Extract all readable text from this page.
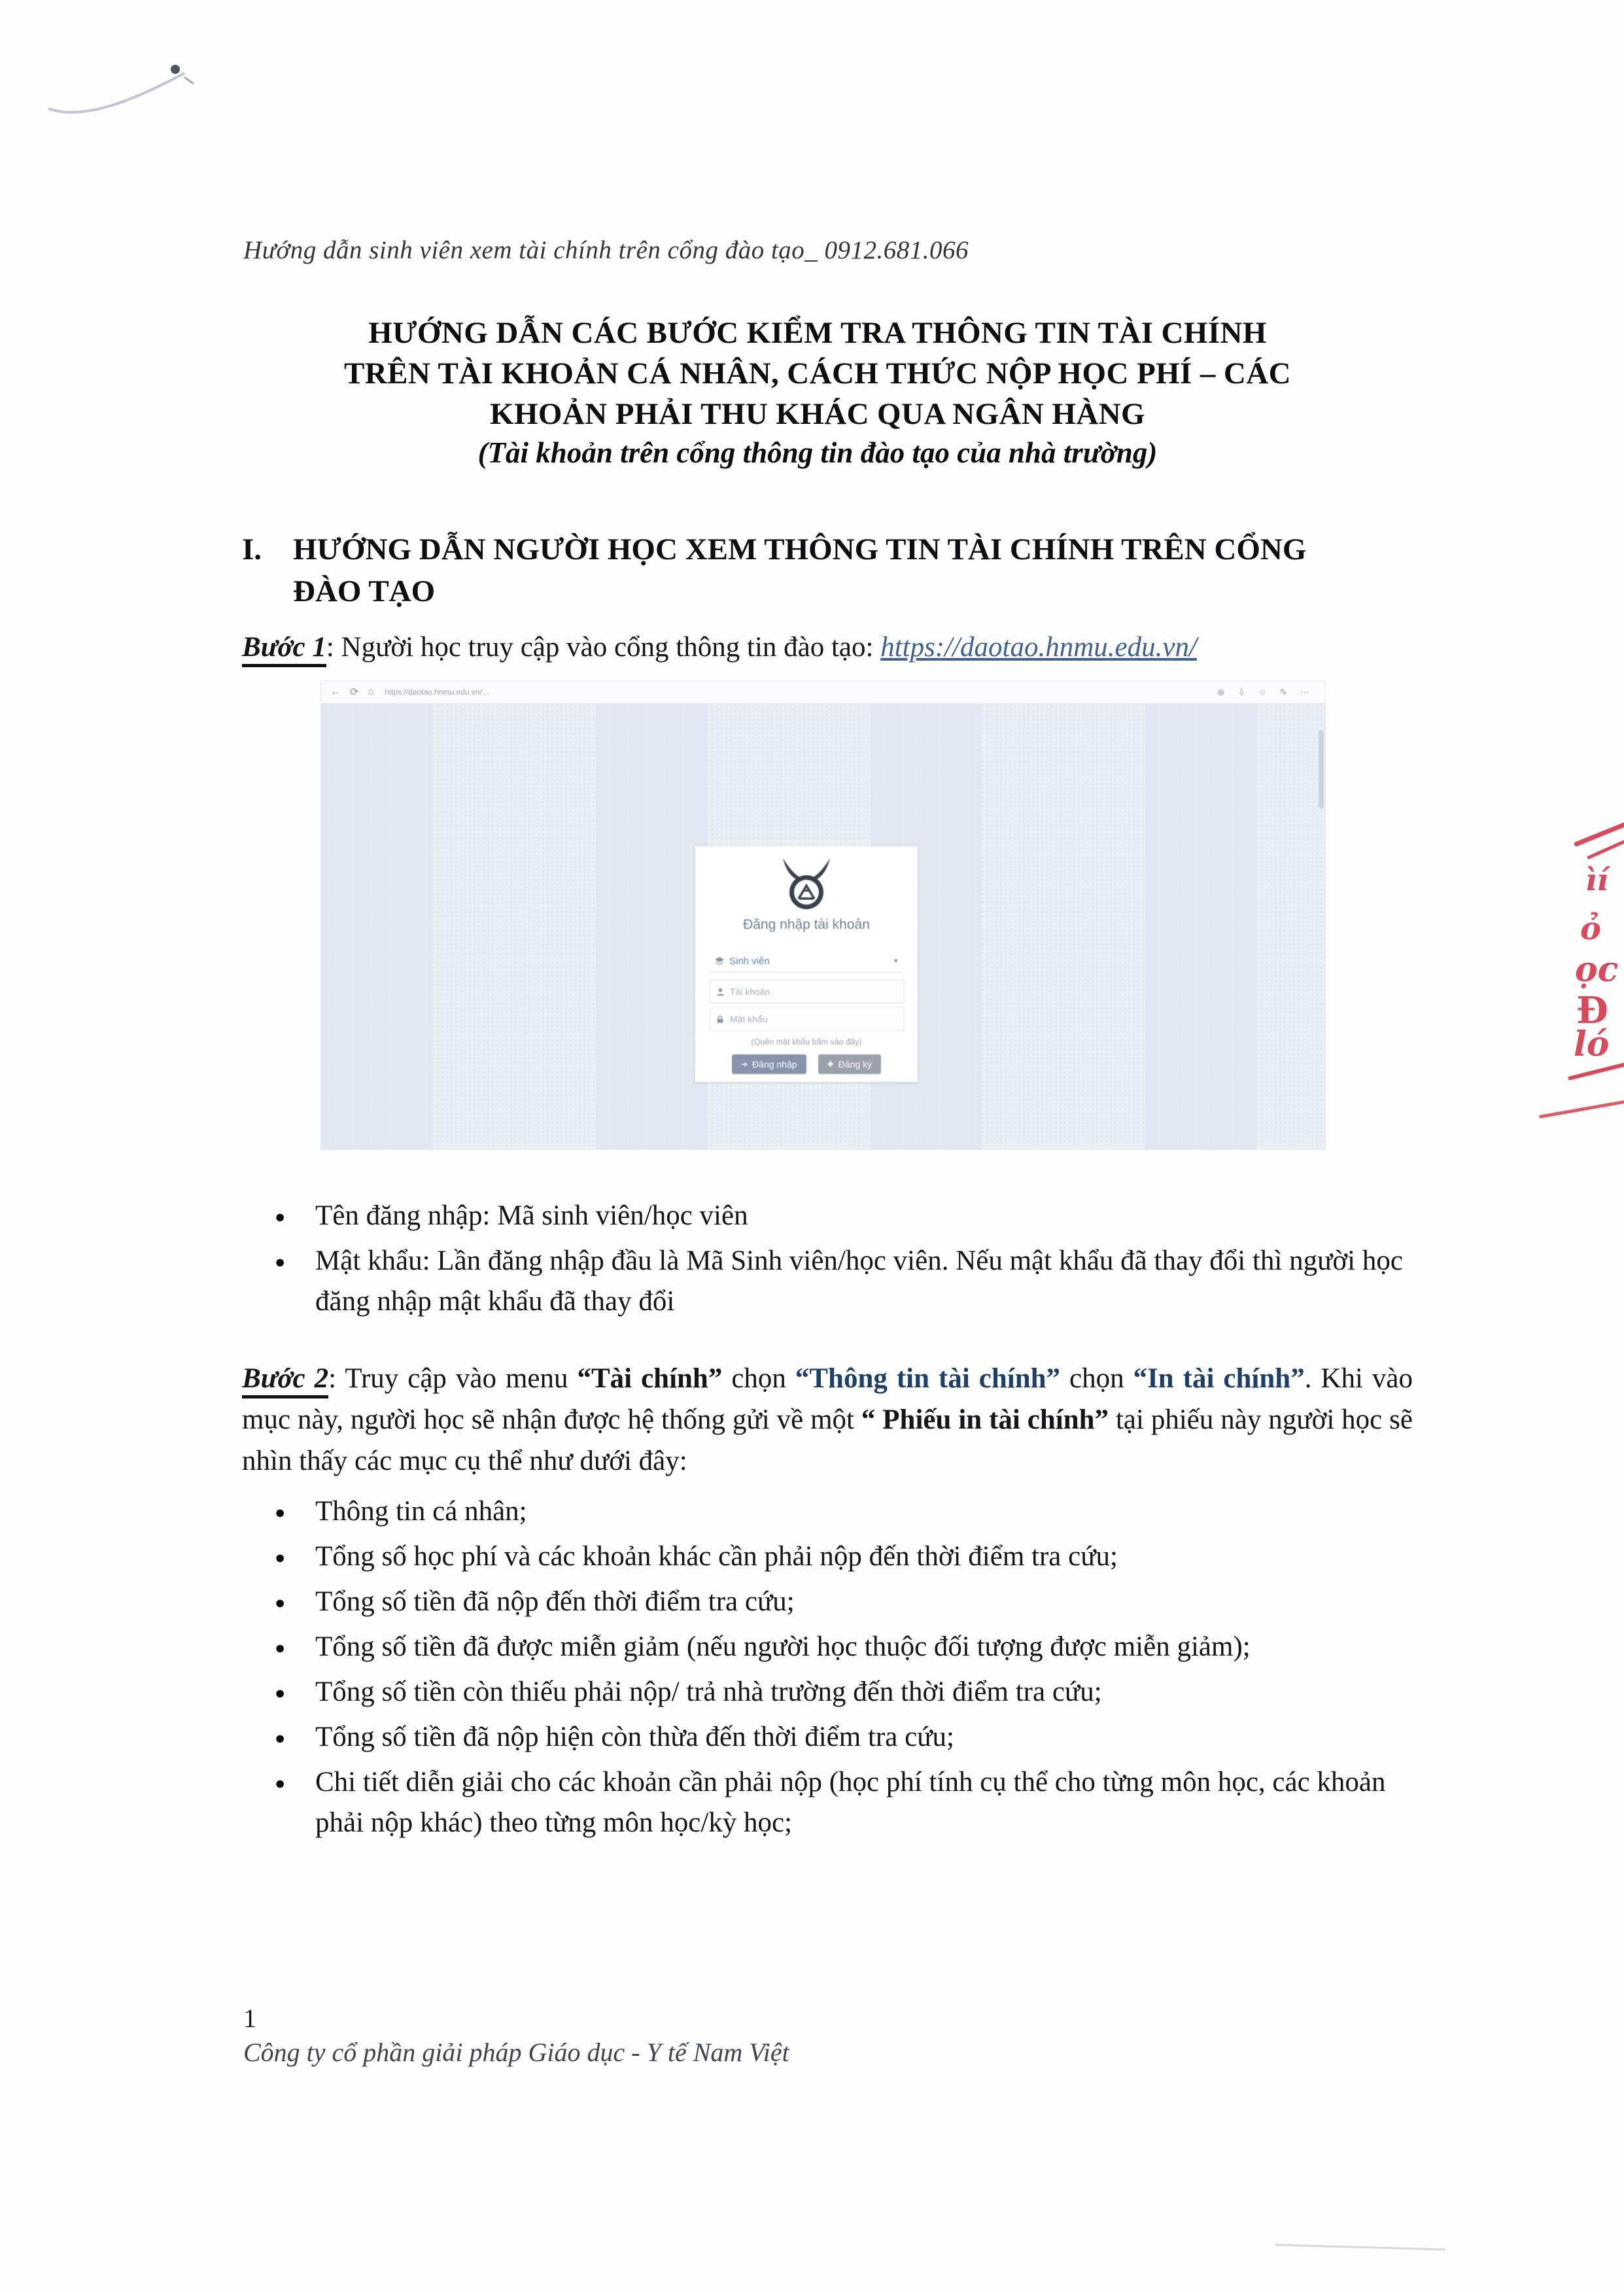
Hướng dẫn sinh viên xem tài chính trên cổng đào tạo_ 0912.681.066
HƯỚNG DẪN CÁC BƯỚC KIỂM TRA THÔNG TIN TÀI CHÍNH
TRÊN TÀI KHOẢN CÁ NHÂN, CÁCH THỨC NỘP HỌC PHÍ – CÁC
KHOẢN PHẢI THU KHÁC QUA NGÂN HÀNG
(Tài khoản trên cổng thông tin đào tạo của nhà trường)
I.	HƯỚNG DẪN NGƯỜI HỌC XEM THÔNG TIN TÀI CHÍNH TRÊN CỔNG ĐÀO TẠO
Bước 1: Người học truy cập vào cổng thông tin đào tạo: https://daotao.hnmu.edu.vn/
← ⟳ ⌂ https://daotao.hnmu.edu.vn/…	⊕ ⇩ ☆ ✎ ⋯
Đăng nhập tài khoản
Sinh viên	▾
Tài khoản
Mật khẩu
(Quên mật khẩu bấm vào đây)
➔ Đăng nhập	✚ Đăng ký
● Tên đăng nhập: Mã sinh viên/học viên
● Mật khẩu: Lần đăng nhập đầu là Mã Sinh viên/học viên. Nếu mật khẩu đã thay đổi thì người học đăng nhập mật khẩu đã thay đổi
Bước 2: Truy cập vào menu “Tài chính” chọn “Thông tin tài chính” chọn “In tài chính”. Khi vào mục này, người học sẽ nhận được hệ thống gửi về một “ Phiếu in tài chính” tại phiếu này người học sẽ nhìn thấy các mục cụ thể như dưới đây:
● Thông tin cá nhân;
● Tổng số học phí và các khoản khác cần phải nộp đến thời điểm tra cứu;
● Tổng số tiền đã nộp đến thời điểm tra cứu;
● Tổng số tiền đã được miễn giảm (nếu người học thuộc đối tượng được miễn giảm);
● Tổng số tiền còn thiếu phải nộp/ trả nhà trường đến thời điểm tra cứu;
● Tổng số tiền đã nộp hiện còn thừa đến thời điểm tra cứu;
● Chi tiết diễn giải cho các khoản cần phải nộp (học phí tính cụ thể cho từng môn học, các khoản phải nộp khác) theo từng môn học/kỳ học;
1
Công ty cổ phần giải pháp Giáo dục - Y tế Nam Việt
ìí
ỏ
ọc
Đ
ló
